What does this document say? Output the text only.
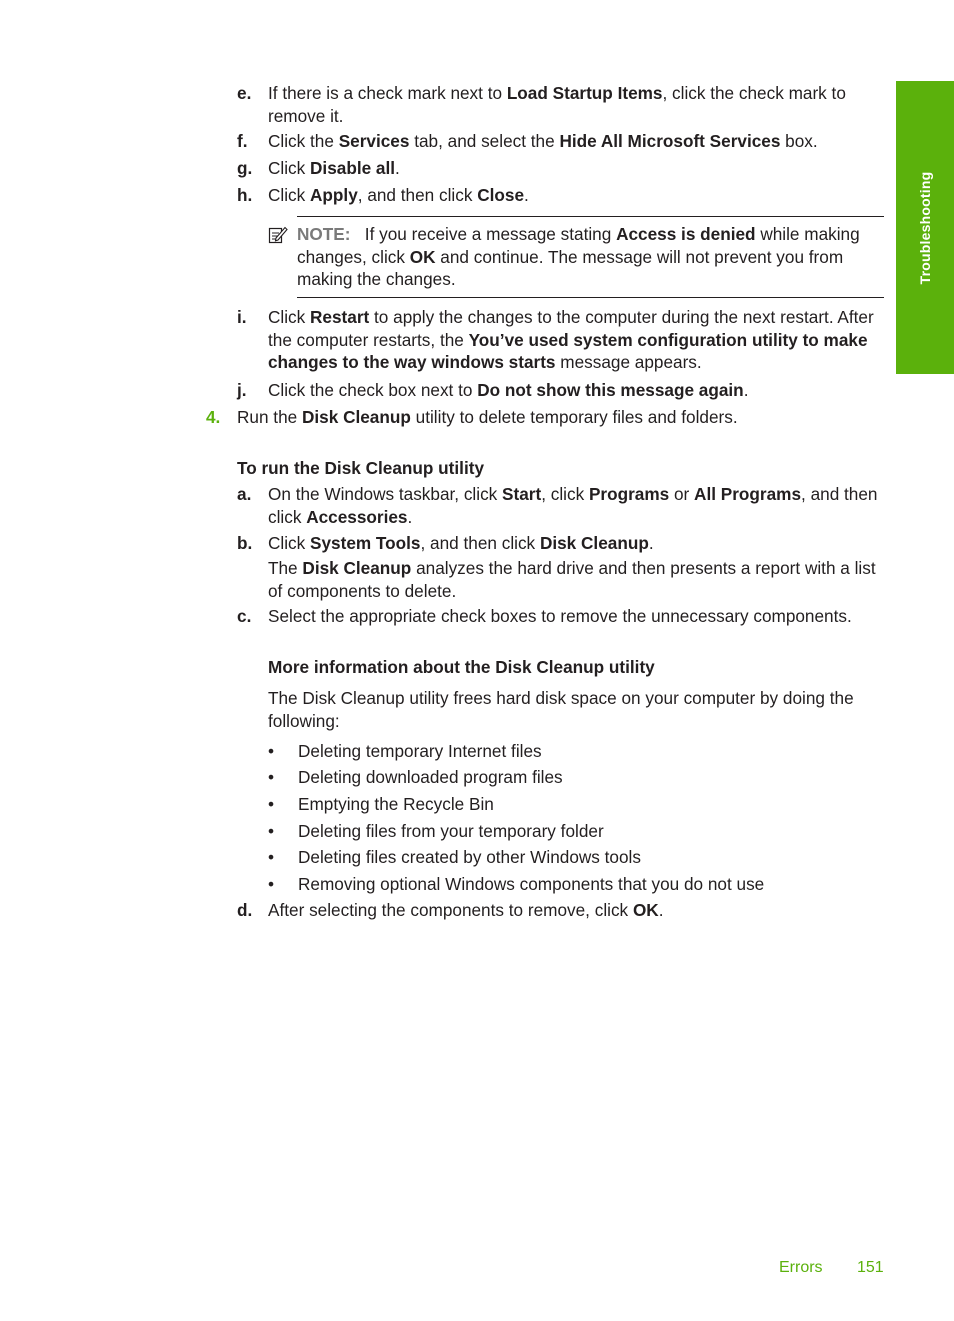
Troubleshooting
e. If there is a check mark next to Load Startup Items, click the check mark to remove it.
f. Click the Services tab, and select the Hide All Microsoft Services box.
g. Click Disable all.
h. Click Apply, and then click Close.
NOTE: If you receive a message stating Access is denied while making changes, click OK and continue. The message will not prevent you from making the changes.
i. Click Restart to apply the changes to the computer during the next restart. After the computer restarts, the You’ve used system configuration utility to make changes to the way windows starts message appears.
j. Click the check box next to Do not show this message again.
4. Run the Disk Cleanup utility to delete temporary files and folders.
To run the Disk Cleanup utility
a. On the Windows taskbar, click Start, click Programs or All Programs, and then click Accessories.
b. Click System Tools, and then click Disk Cleanup.
The Disk Cleanup analyzes the hard drive and then presents a report with a list of components to delete.
c. Select the appropriate check boxes to remove the unnecessary components.
More information about the Disk Cleanup utility
The Disk Cleanup utility frees hard disk space on your computer by doing the following:
• Deleting temporary Internet files
• Deleting downloaded program files
• Emptying the Recycle Bin
• Deleting files from your temporary folder
• Deleting files created by other Windows tools
• Removing optional Windows components that you do not use
d. After selecting the components to remove, click OK.
Errors 151
